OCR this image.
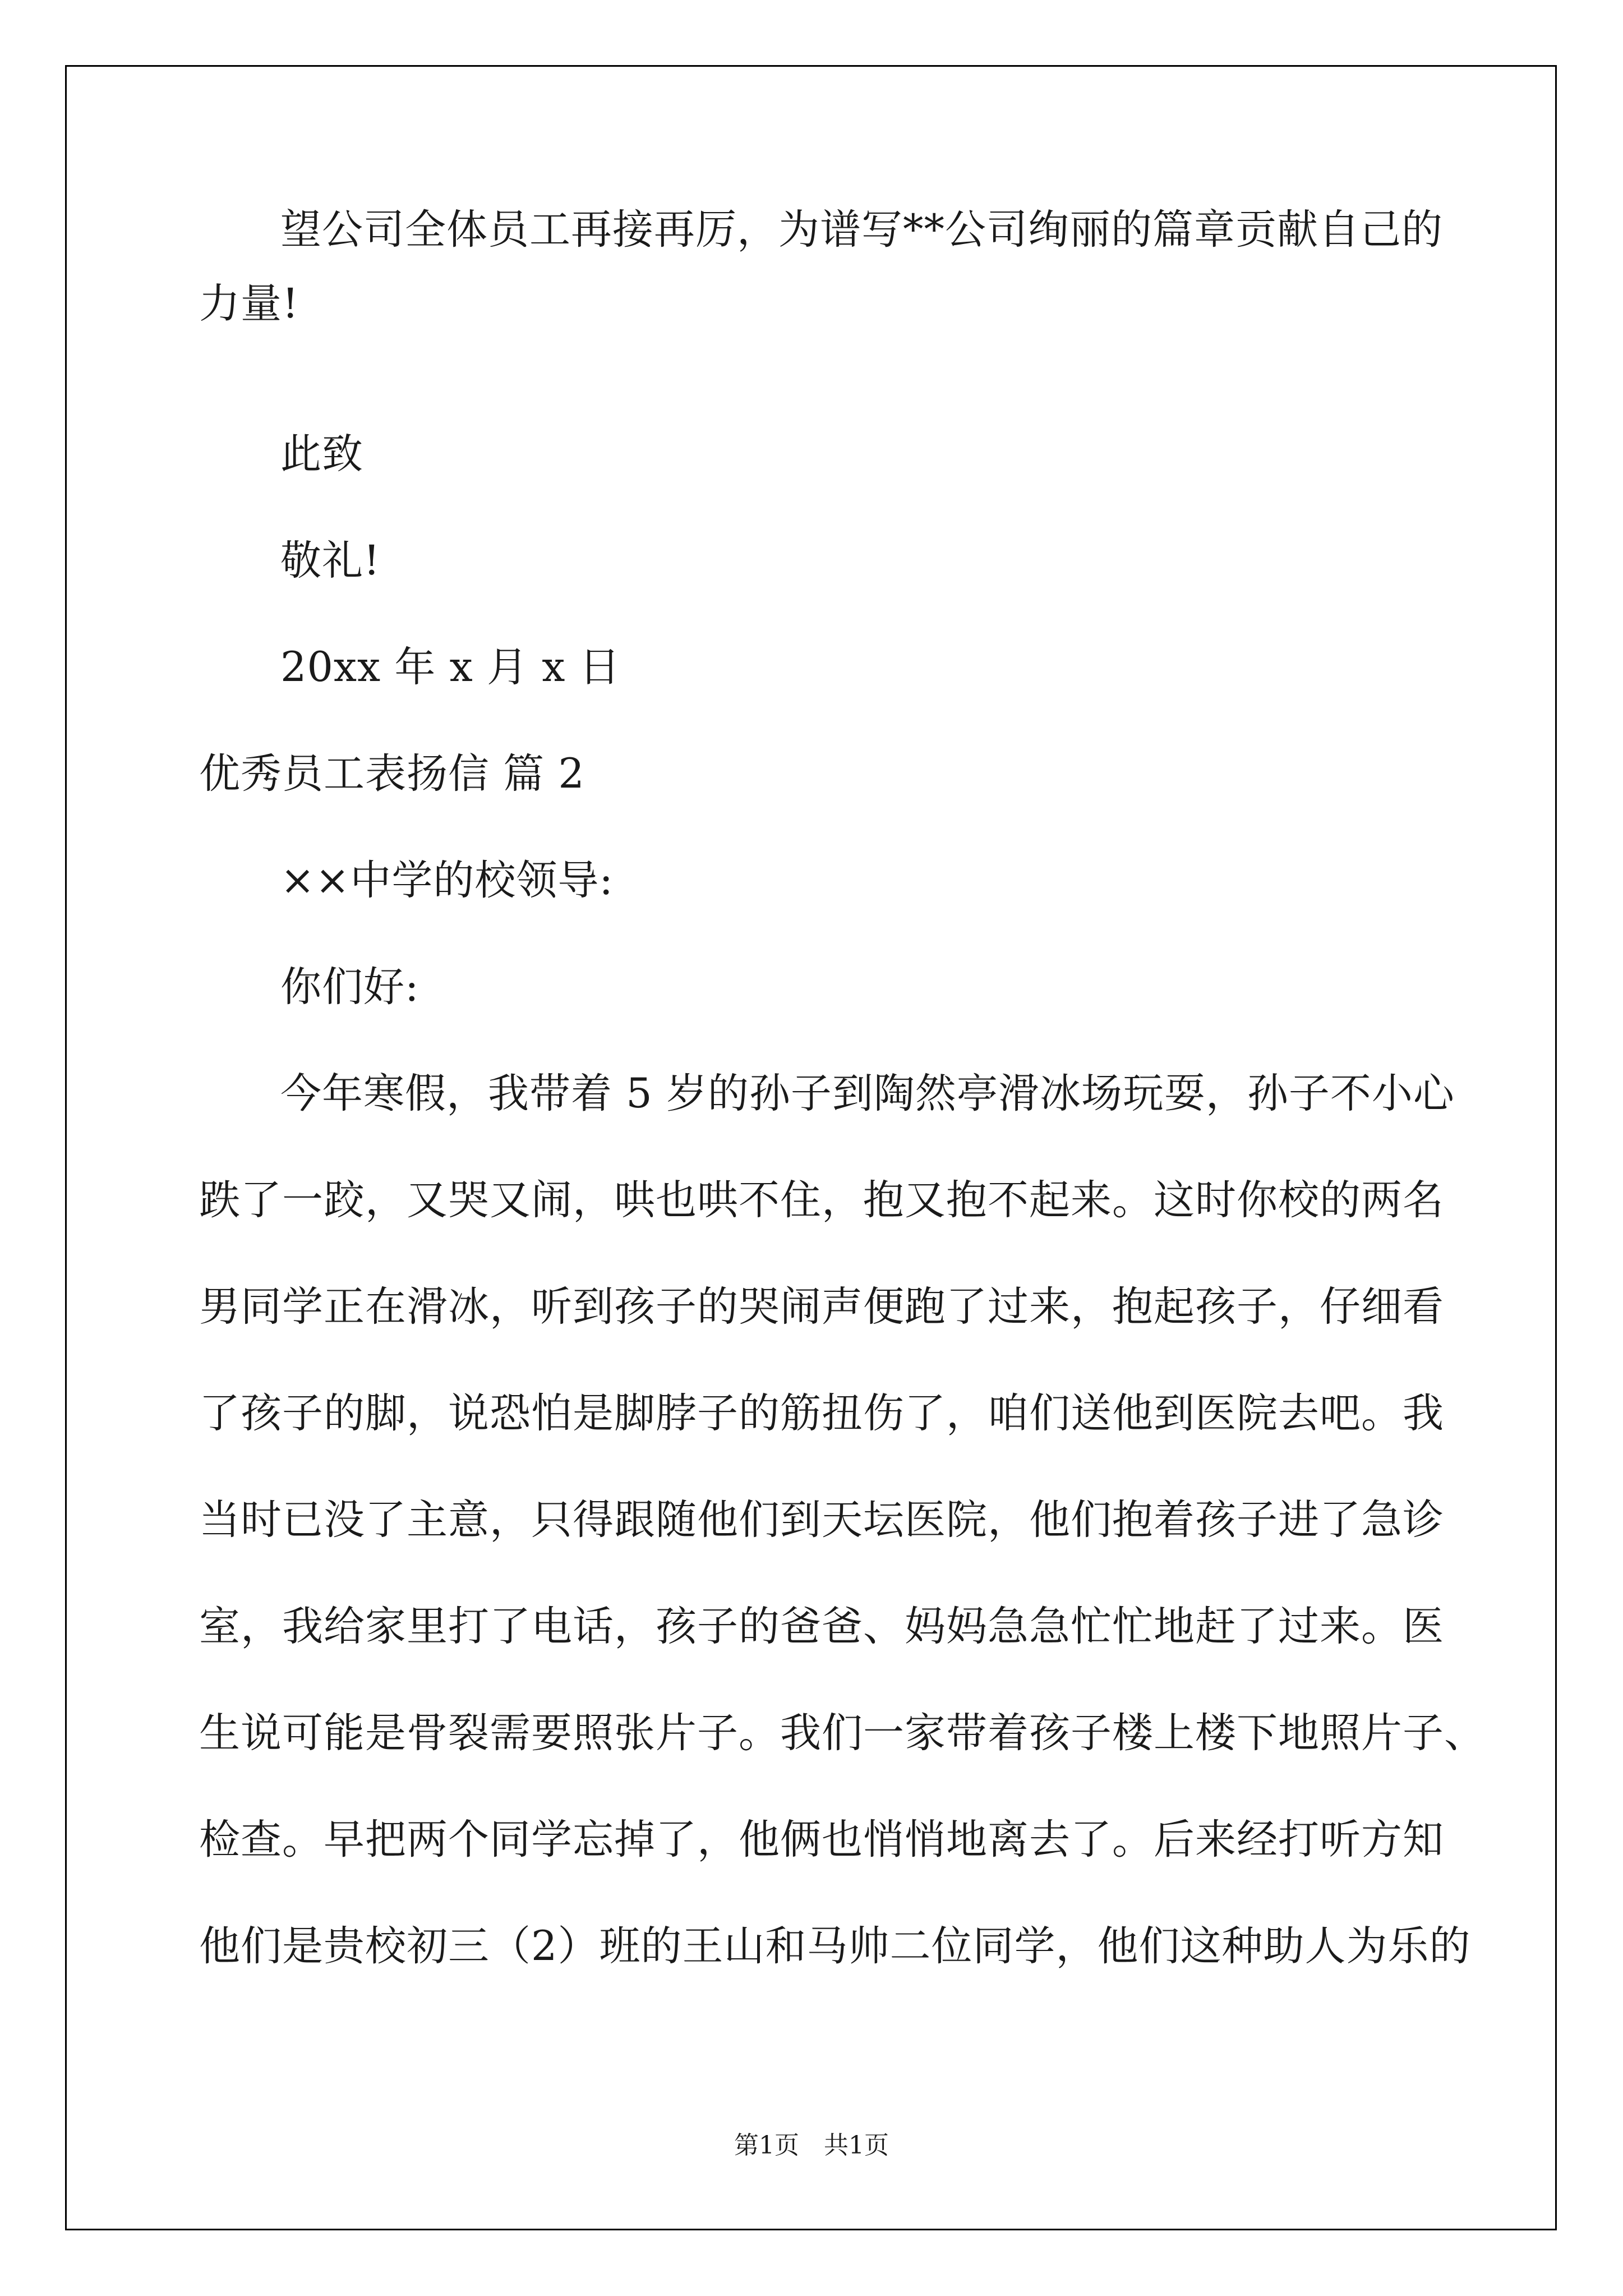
望公司全体员工再接再厉，为谱写**公司绚丽的篇章贡献自己的
力量!
此致
敬礼!
20xx 年 x 月 x 日
优秀员工表扬信 篇 2
××中学的校领导:
你们好:
今年寒假，我带着 5 岁的孙子到陶然亭滑冰场玩耍，孙子不小心
跌了一跤，又哭又闹，哄也哄不住，抱又抱不起来。这时你校的两名
男同学正在滑冰，听到孩子的哭闹声便跑了过来，抱起孩子，仔细看
了孩子的脚，说恐怕是脚脖子的筋扭伤了，咱们送他到医院去吧。我
当时已没了主意，只得跟随他们到天坛医院，他们抱着孩子进了急诊
室，我给家里打了电话，孩子的爸爸、妈妈急急忙忙地赶了过来。医
生说可能是骨裂需要照张片子。我们一家带着孩子楼上楼下地照片子、
检查。早把两个同学忘掉了，他俩也悄悄地离去了。后来经打听方知
他们是贵校初三（2）班的王山和马帅二位同学，他们这种助人为乐的
第1页　共1页
